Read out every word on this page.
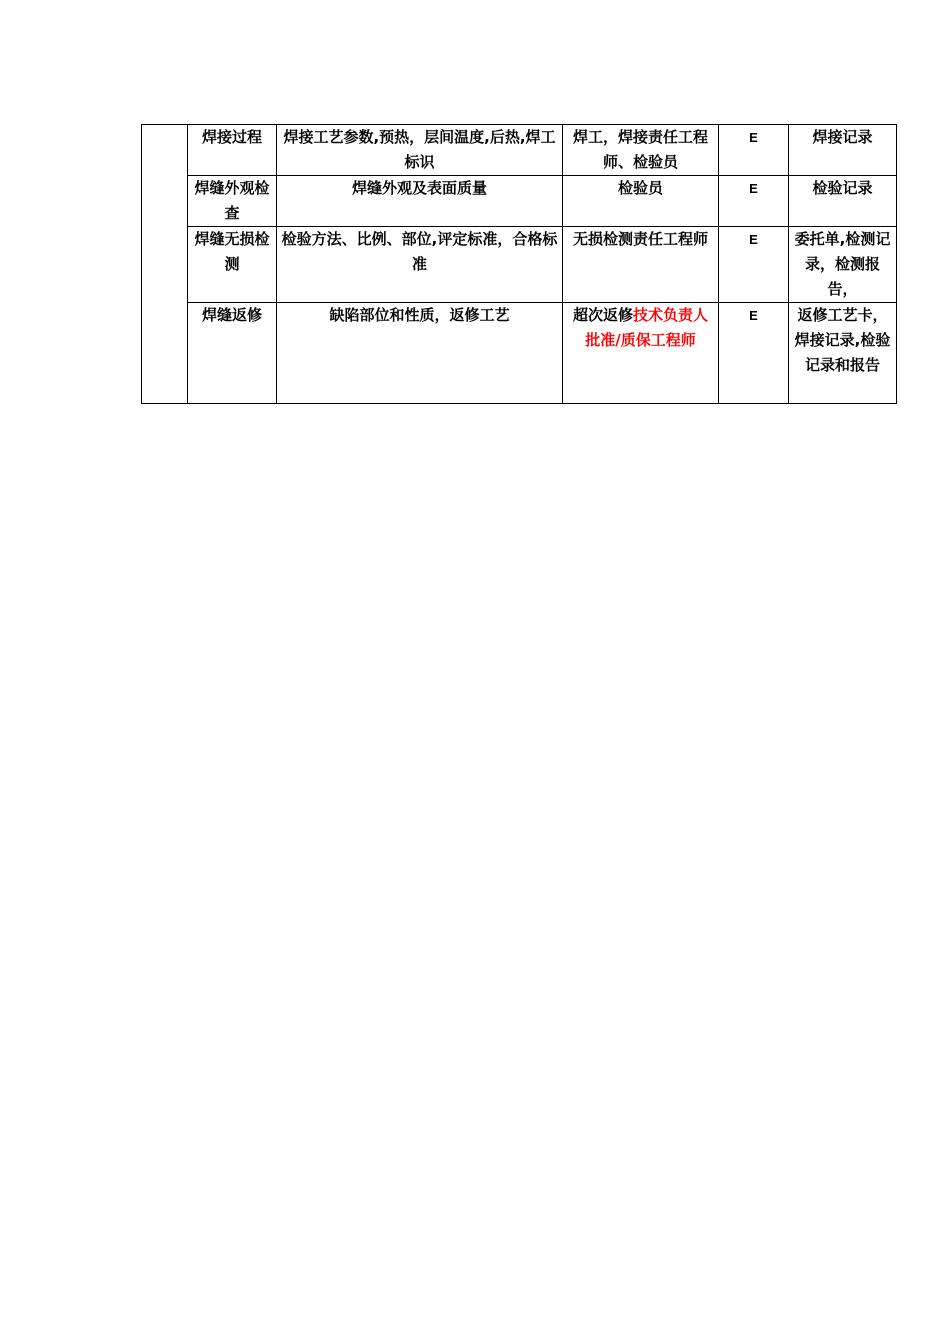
	焊接过程	焊接工艺参数,预热，层间温度,后热,焊工标识	焊工，焊接责任工程师、检验员	E	焊接记录
	焊缝外观检查	焊缝外观及表面质量	检验员	E	检验记录
	焊缝无损检测	检验方法、比例、部位,评定标准，合格标准	无损检测责任工程师	E	委托单,检测记录，检测报告，
	焊缝返修	缺陷部位和性质，返修工艺	超次返修技术负责人批准/质保工程师	E	返修工艺卡，焊接记录,检验记录和报告
